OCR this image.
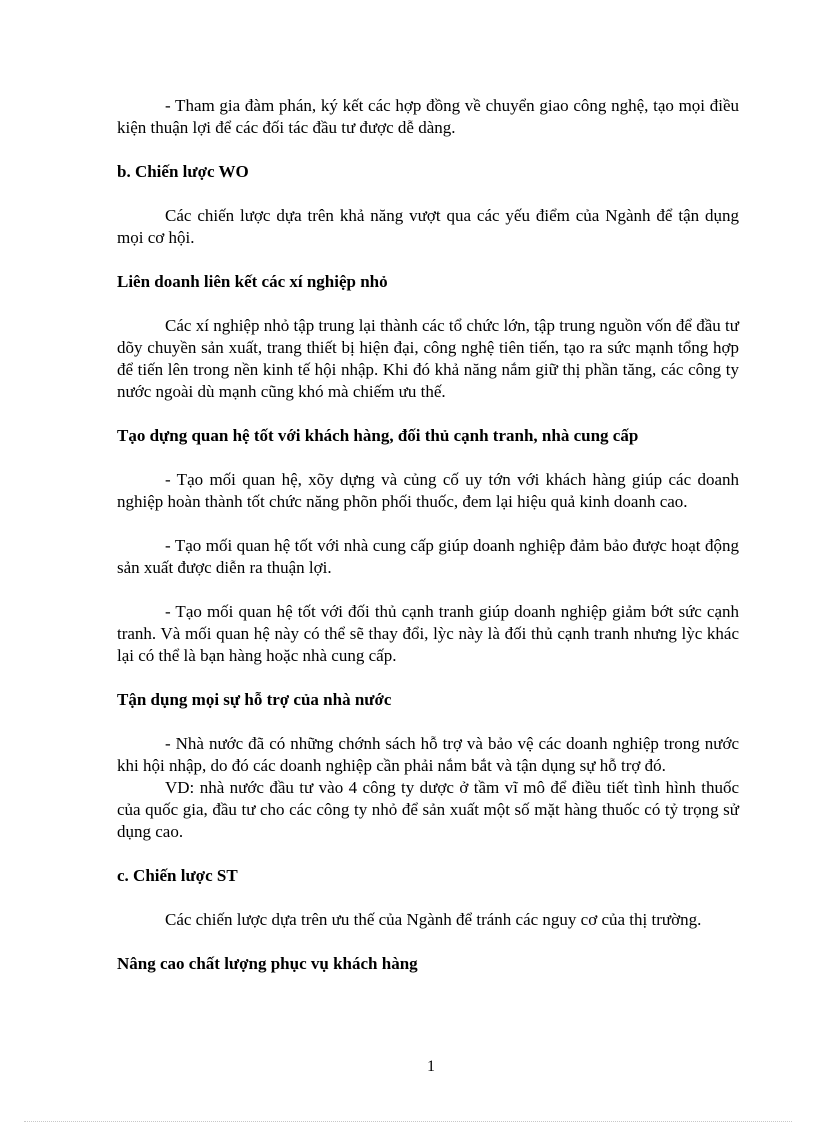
- Tham gia đàm phán, ký kết các hợp đồng về chuyển giao công nghệ, tạo mọi điều kiện thuận lợi để các đối tác đầu tư được dễ dàng.

b. Chiến lược WO

Các chiến lược dựa trên khả năng vượt qua các yếu điểm của Ngành để tận dụng mọi cơ hội.

Liên doanh liên kết các xí nghiệp nhỏ

Các xí nghiệp nhỏ tập trung lại thành các tổ chức lớn, tập trung nguồn vốn để đầu tư dõy chuyền sản xuất, trang thiết bị hiện đại, công nghệ tiên tiến, tạo ra sức mạnh tổng hợp để tiến lên trong nền kinh tế hội nhập. Khi đó khả năng nắm giữ thị phần tăng, các công ty nước ngoài dù mạnh cũng khó mà chiếm ưu thế.

Tạo dựng quan hệ tốt với khách hàng, đối thủ cạnh tranh, nhà cung cấp

- Tạo mối quan hệ, xõy dựng và củng cố uy tớn với khách hàng giúp các doanh nghiệp hoàn thành tốt chức năng phõn phối thuốc, đem lại hiệu quả kinh doanh cao.

- Tạo mối quan hệ tốt với nhà cung cấp giúp doanh nghiệp đảm bảo được hoạt động sản xuất được diễn ra thuận lợi.

- Tạo mối quan hệ tốt với đối thủ cạnh tranh giúp doanh nghiệp giảm bớt sức cạnh tranh. Và mối quan hệ này có thể sẽ thay đổi, lỳc này là đối thủ cạnh tranh nhưng lỳc khác lại có thể là bạn hàng hoặc nhà cung cấp.

Tận dụng mọi sự hỗ trợ của nhà nước

- Nhà nước đã có những chớnh sách hỗ trợ và bảo vệ các doanh nghiệp trong nước khi hội nhập, do đó các doanh nghiệp cần phải nắm bắt và tận dụng sự hỗ trợ đó.

VD: nhà nước đầu tư vào 4 công ty dược ở tầm vĩ mô để điều tiết tình hình thuốc của quốc gia, đầu tư cho các công ty nhỏ để sản xuất một số mặt hàng thuốc có tỷ trọng sử dụng cao.

c. Chiến lược ST

Các chiến lược dựa trên ưu thế của Ngành để tránh các nguy cơ của thị trường.

Nâng cao chất lượng phục vụ khách hàng
1
